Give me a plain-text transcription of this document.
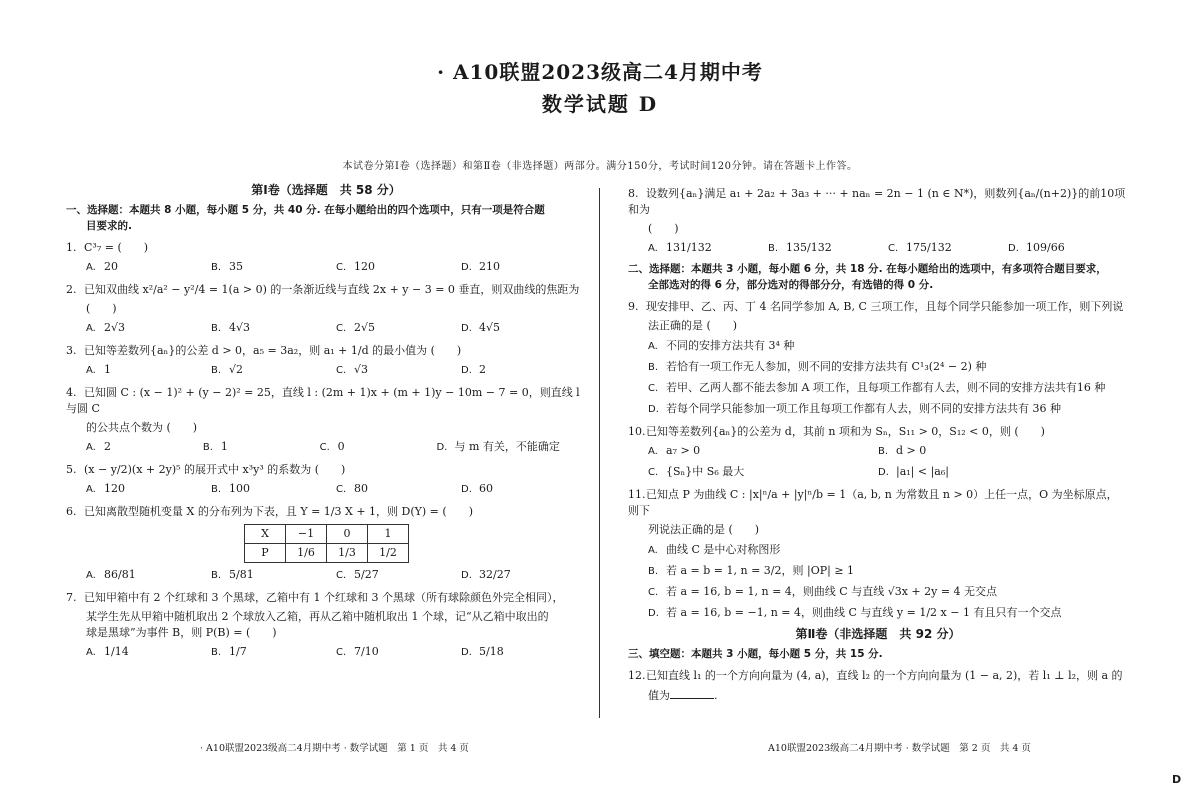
· A10联盟2023级高二4月期中考
数学试题 D
本试卷分第Ⅰ卷（选择题）和第Ⅱ卷（非选择题）两部分。满分150分，考试时间120分钟。请在答题卡上作答。
第Ⅰ卷（选择题　共 58 分）
一、选择题：本题共 8 小题，每小题 5 分，共 40 分. 在每小题给出的四个选项中，只有一项是符合题
目要求的.
1. C³₇ = (　　)
A. 20	B. 35	C. 120	D. 210
2. 已知双曲线 x²/a² − y²/4 = 1(a > 0) 的一条渐近线与直线 2x + y − 3 = 0 垂直，则双曲线的焦距为
(　　)
A. 2√3	B. 4√3	C. 2√5	D. 4√5
3. 已知等差数列{aₙ}的公差 d > 0，a₅ = 3a₂，则 a₁ + 1/d 的最小值为 (　　)
A. 1	B. √2	C. √3	D. 2
4. 已知圆 C : (x − 1)² + (y − 2)² = 25，直线 l : (2m + 1)x + (m + 1)y − 10m − 7 = 0，则直线 l 与圆 C
的公共点个数为 (　　)
A. 2	B. 1	C. 0	D. 与 m 有关，不能确定
5. (x − y/2)(x + 2y)⁵ 的展开式中 x³y³ 的系数为 (　　)
A. 120	B. 100	C. 80	D. 60
6. 已知离散型随机变量 X 的分布列为下表，且 Y = 1/3 X + 1，则 D(Y) = (　　)
X	−1	0	1
P	1/6	1/3	1/2
A. 86/81	B. 5/81	C. 5/27	D. 32/27
7. 已知甲箱中有 2 个红球和 3 个黑球，乙箱中有 1 个红球和 3 个黑球（所有球除颜色外完全相同），
某学生先从甲箱中随机取出 2 个球放入乙箱，再从乙箱中随机取出 1 个球，记“从乙箱中取出的
球是黑球”为事件 B，则 P(B) = (　　)
A. 1/14	B. 1/7	C. 7/10	D. 5/18
8. 设数列{aₙ}满足 a₁ + 2a₂ + 3a₃ + ··· + naₙ = 2n − 1 (n ∈ N*)，则数列{aₙ/(n+2)}的前10项和为
(　　)
A. 131/132	B. 135/132	C. 175/132	D. 109/66
二、选择题：本题共 3 小题，每小题 6 分，共 18 分. 在每小题给出的选项中，有多项符合题目要求，
全部选对的得 6 分，部分选对的得部分分，有选错的得 0 分.
9. 现安排甲、乙、丙、丁 4 名同学参加 A, B, C 三项工作，且每个同学只能参加一项工作，则下列说
法正确的是 (　　)
A. 不同的安排方法共有 3⁴ 种
B. 若恰有一项工作无人参加，则不同的安排方法共有 C¹₃(2⁴ − 2) 种
C. 若甲、乙两人都不能去参加 A 项工作，且每项工作都有人去，则不同的安排方法共有16 种
D. 若每个同学只能参加一项工作且每项工作都有人去，则不同的安排方法共有 36 种
10.已知等差数列{aₙ}的公差为 d，其前 n 项和为 Sₙ，S₁₁ > 0，S₁₂ < 0，则 (　　)
A. a₇ > 0	B. d > 0
C. {Sₙ}中 S₆ 最大	D. |a₁| < |a₆|
11.已知点 P 为曲线 C : |x|ⁿ/a + |y|ⁿ/b = 1（a, b, n 为常数且 n > 0）上任一点，O 为坐标原点，则下
列说法正确的是 (　　)
A. 曲线 C 是中心对称图形
B. 若 a = b = 1, n = 3/2，则 |OP| ≥ 1
C. 若 a = 16, b = 1, n = 4，则曲线 C 与直线 √3x + 2y = 4 无交点
D. 若 a = 16, b = −1, n = 4，则曲线 C 与直线 y = 1/2 x − 1 有且只有一个交点
第Ⅱ卷（非选择题　共 92 分）
三、填空题：本题共 3 小题，每小题 5 分，共 15 分.
12.已知直线 l₁ 的一个方向向量为 (4, a)，直线 l₂ 的一个方向向量为 (1 − a, 2)，若 l₁ ⊥ l₂，则 a 的
值为	.
· A10联盟2023级高二4月期中考 · 数学试题　第 1 页　共 4 页	A10联盟2023级高二4月期中考 · 数学试题　第 2 页　共 4 页
D
